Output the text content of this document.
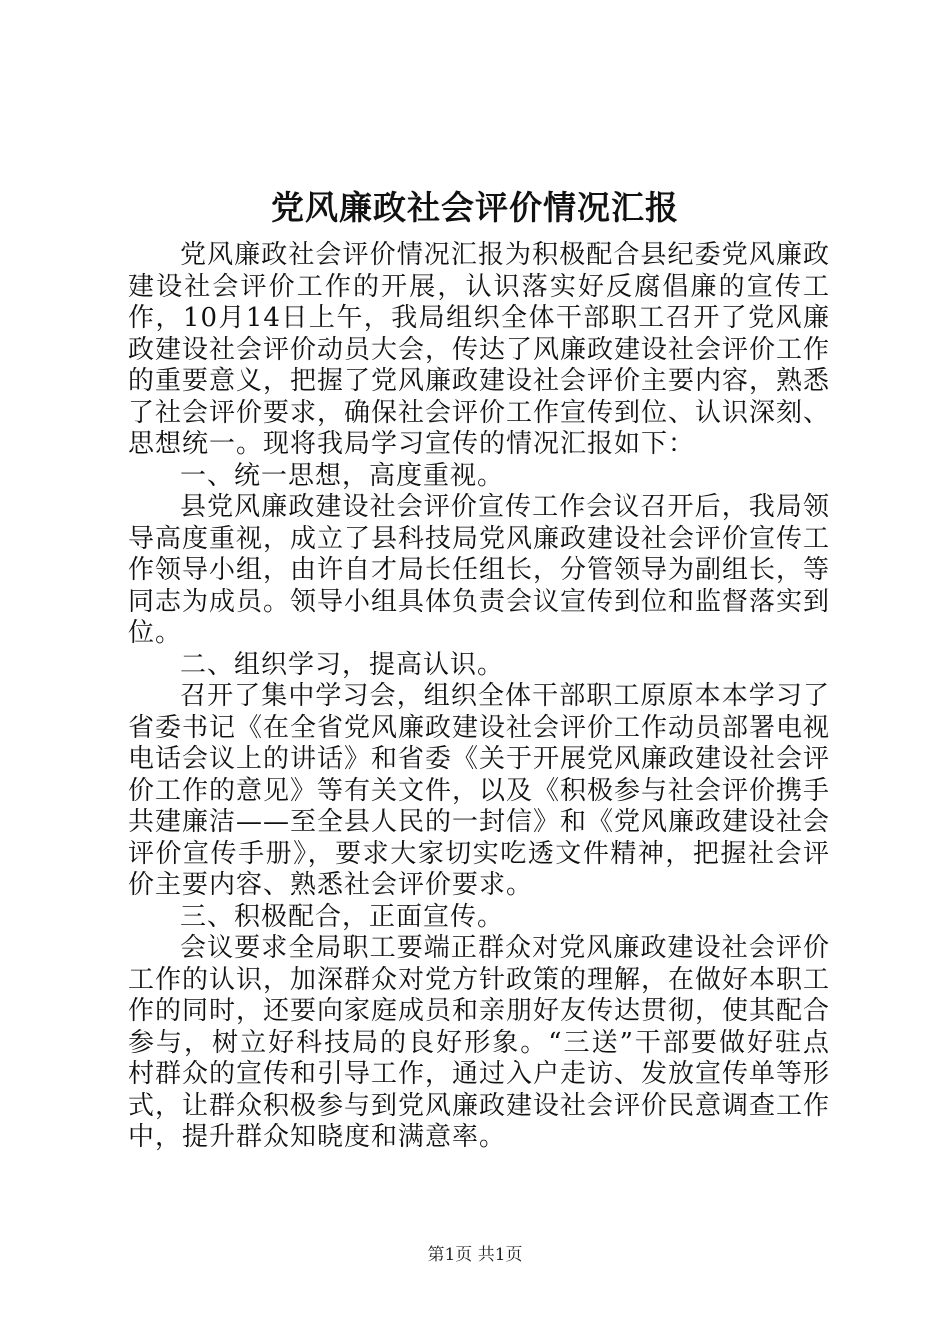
党风廉政社会评价情况汇报

党风廉政社会评价情况汇报为积极配合县纪委党风廉政建设社会评价工作的开展，认识落实好反腐倡廉的宣传工作，10月14日上午，我局组织全体干部职工召开了党风廉政建设社会评价动员大会，传达了风廉政建设社会评价工作的重要意义，把握了党风廉政建设社会评价主要内容，熟悉了社会评价要求，确保社会评价工作宣传到位、认识深刻、思想统一。现将我局学习宣传的情况汇报如下：

一、统一思想，高度重视。

县党风廉政建设社会评价宣传工作会议召开后，我局领导高度重视，成立了县科技局党风廉政建设社会评价宣传工作领导小组，由许自才局长任组长，分管领导为副组长，等同志为成员。领导小组具体负责会议宣传到位和监督落实到位。

二、组织学习，提高认识。

召开了集中学习会，组织全体干部职工原原本本学习了省委书记《在全省党风廉政建设社会评价工作动员部署电视电话会议上的讲话》和省委《关于开展党风廉政建设社会评价工作的意见》等有关文件，以及《积极参与社会评价携手共建廉洁——至全县人民的一封信》和《党风廉政建设社会评价宣传手册》，要求大家切实吃透文件精神，把握社会评价主要内容、熟悉社会评价要求。

三、积极配合，正面宣传。

会议要求全局职工要端正群众对党风廉政建设社会评价工作的认识，加深群众对党方针政策的理解，在做好本职工作的同时，还要向家庭成员和亲朋好友传达贯彻，使其配合参与，树立好科技局的良好形象。“三送”干部要做好驻点村群众的宣传和引导工作，通过入户走访、发放宣传单等形式，让群众积极参与到党风廉政建设社会评价民意调查工作中，提升群众知晓度和满意率。

第1页 共1页
